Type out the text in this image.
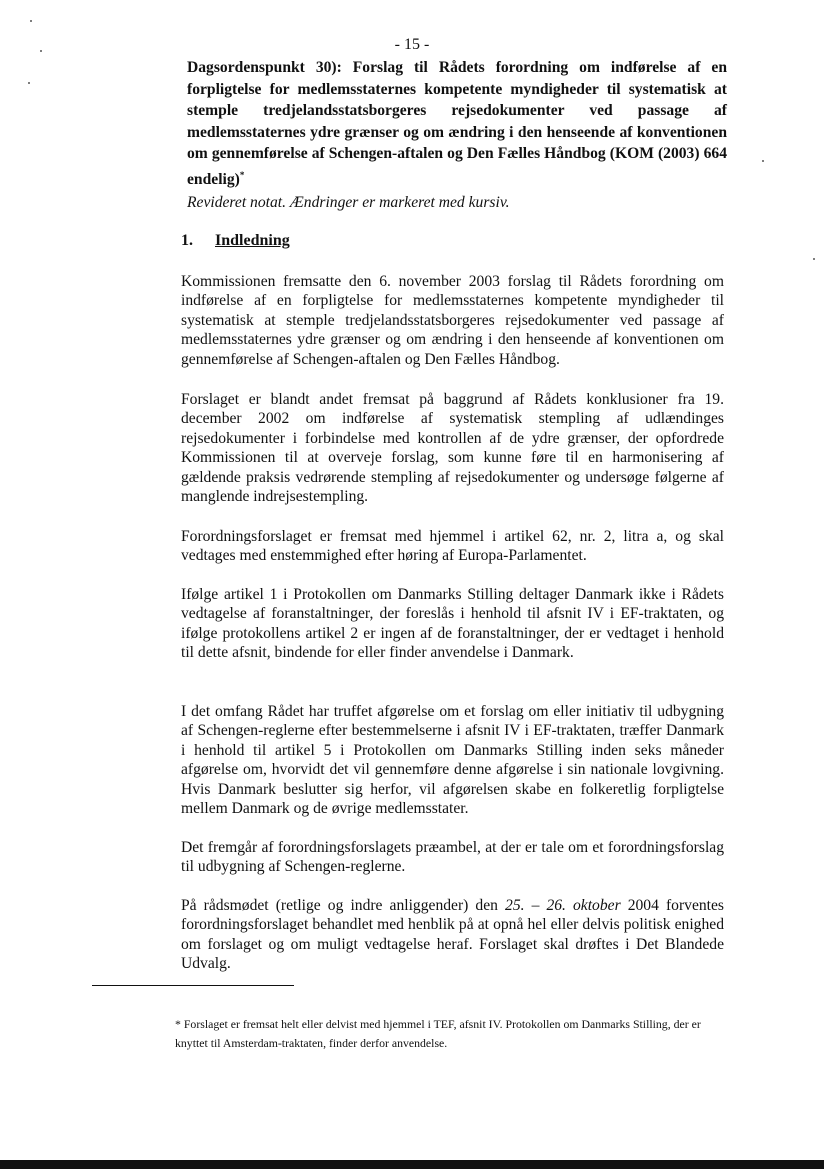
- 15 -
Dagsordenspunkt 30): Forslag til Rådets forordning om indførelse af en forpligtelse for medlemsstaternes kompetente myndigheder til systematisk at stemple tredjelandsstatsborgeres rejsedokumenter ved passage af medlemsstaternes ydre grænser og om ændring i den henseende af konventionen om gennemførelse af Schengen-aftalen og Den Fælles Håndbog (KOM (2003) 664 endelig)*
Revideret notat. Ændringer er markeret med kursiv.
1. Indledning

Kommissionen fremsatte den 6. november 2003 forslag til Rådets forordning om indførelse af en forpligtelse for medlemsstaternes kompetente myndigheder til systematisk at stemple tredjelandsstatsborgeres rejsedokumenter ved passage af medlemsstaternes ydre grænser og om ændring i den henseende af konventionen om gennemførelse af Schengen-aftalen og Den Fælles Håndbog.

Forslaget er blandt andet fremsat på baggrund af Rådets konklusioner fra 19. december 2002 om indførelse af systematisk stempling af udlændinges rejsedokumenter i forbindelse med kontrollen af de ydre grænser, der opfordrede Kommissionen til at overveje forslag, som kunne føre til en harmonisering af gældende praksis vedrørende stempling af rejsedokumenter og undersøge følgerne af manglende indrejsestempling.

Forordningsforslaget er fremsat med hjemmel i artikel 62, nr. 2, litra a, og skal vedtages med enstemmighed efter høring af Europa-Parlamentet.

Ifølge artikel 1 i Protokollen om Danmarks Stilling deltager Danmark ikke i Rådets vedtagelse af foranstaltninger, der foreslås i henhold til afsnit IV i EF-traktaten, og ifølge protokollens artikel 2 er ingen af de foranstaltninger, der er vedtaget i henhold til dette afsnit, bindende for eller finder anvendelse i Danmark.

I det omfang Rådet har truffet afgørelse om et forslag om eller initiativ til udbygning af Schengen-reglerne efter bestemmelserne i afsnit IV i EF-traktaten, træffer Danmark i henhold til artikel 5 i Protokollen om Danmarks Stilling inden seks måneder afgørelse om, hvorvidt det vil gennemføre denne afgørelse i sin nationale lovgivning. Hvis Danmark beslutter sig herfor, vil afgørelsen skabe en folkeretlig forpligtelse mellem Danmark og de øvrige medlemsstater.

Det fremgår af forordningsforslagets præambel, at der er tale om et forordningsforslag til udbygning af Schengen-reglerne.

På rådsmødet (retlige og indre anliggender) den 25. – 26. oktober 2004 forventes forordningsforslaget behandlet med henblik på at opnå hel eller delvis politisk enighed om forslaget og om muligt vedtagelse heraf. Forslaget skal drøftes i Det Blandede Udvalg.

* Forslaget er fremsat helt eller delvist med hjemmel i TEF, afsnit IV. Protokollen om Danmarks Stilling, der er knyttet til Amsterdam-traktaten, finder derfor anvendelse.
